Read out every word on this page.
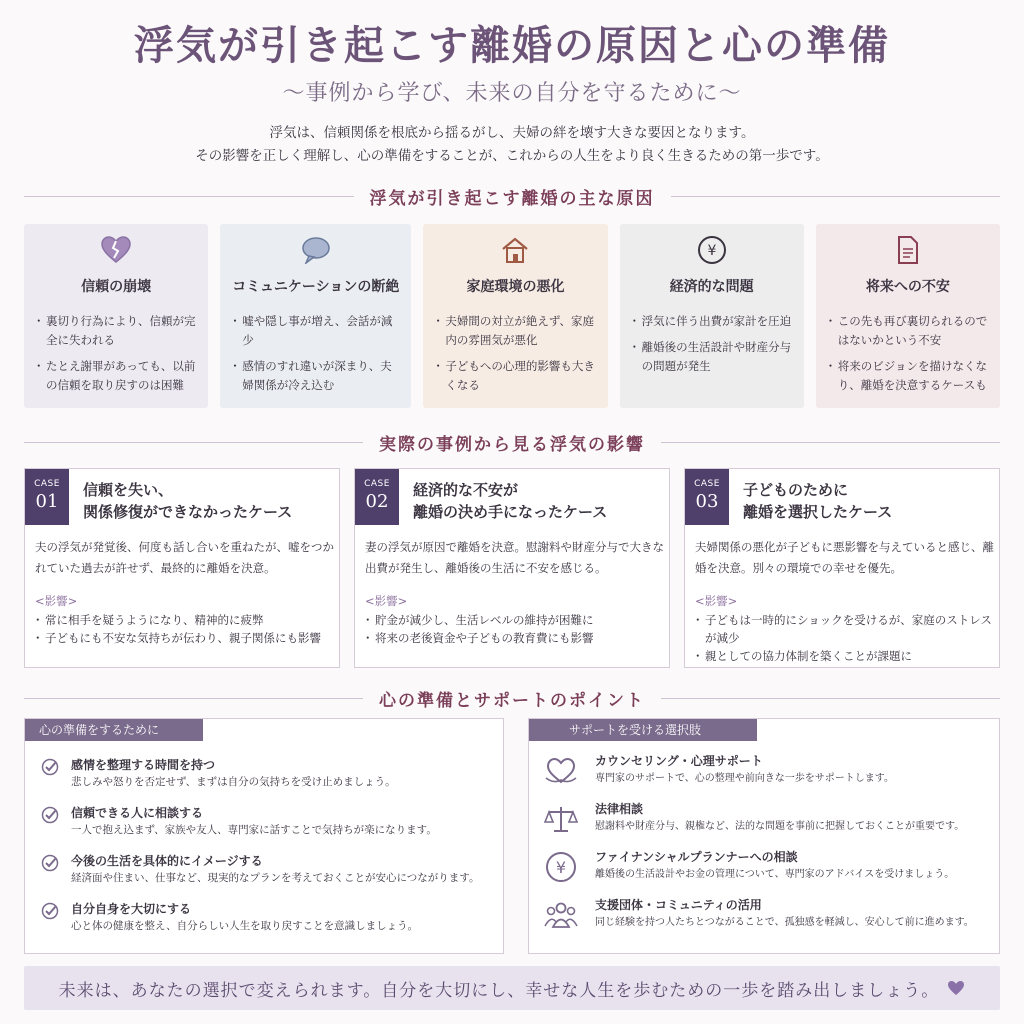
浮気が引き起こす離婚の原因と心の準備
〜事例から学び、未来の自分を守るために〜
浮気は、信頼関係を根底から揺るがし、夫婦の絆を壊す大きな要因となります。
その影響を正しく理解し、心の準備をすることが、これからの人生をより良く生きるための第一歩です。
浮気が引き起こす離婚の主な原因
信頼の崩壊
・ 裏切り行為により、信頼が完全に失われる
・ たとえ謝罪があっても、以前の信頼を取り戻すのは困難
コミュニケーションの断絶
・ 嘘や隠し事が増え、会話が減少
・ 感情のすれ違いが深まり、夫婦関係が冷え込む
家庭環境の悪化
・ 夫婦間の対立が絶えず、家庭内の雰囲気が悪化
・ 子どもへの心理的影響も大きくなる
¥
経済的な問題
・ 浮気に伴う出費が家計を圧迫
・ 離婚後の生活設計や財産分与の問題が発生
将来への不安
・ この先も再び裏切られるのではないかという不安
・ 将来のビジョンを描けなくなり、離婚を決意するケースも
実際の事例から見る浮気の影響
CASE
01
信頼を失い、
関係修復ができなかったケース
夫の浮気が発覚後、何度も話し合いを重ねたが、嘘をつかれていた過去が許せず、最終的に離婚を決意。
<影響>
・ 常に相手を疑うようになり、精神的に疲弊
・ 子どもにも不安な気持ちが伝わり、親子関係にも影響
CASE
02
経済的な不安が
離婚の決め手になったケース
妻の浮気が原因で離婚を決意。慰謝料や財産分与で大きな出費が発生し、離婚後の生活に不安を感じる。
<影響>
・ 貯金が減少し、生活レベルの維持が困難に
・ 将来の老後資金や子どもの教育費にも影響
CASE
03
子どものために
離婚を選択したケース
夫婦関係の悪化が子どもに悪影響を与えていると感じ、離婚を決意。別々の環境での幸せを優先。
<影響>
・ 子どもは一時的にショックを受けるが、家庭のストレスが減少
・ 親としての協力体制を築くことが課題に
心の準備とサポートのポイント
心の準備をするために
感情を整理する時間を持つ
悲しみや怒りを否定せず、まずは自分の気持ちを受け止めましょう。
信頼できる人に相談する
一人で抱え込まず、家族や友人、専門家に話すことで気持ちが楽になります。
今後の生活を具体的にイメージする
経済面や住まい、仕事など、現実的なプランを考えておくことが安心につながります。
自分自身を大切にする
心と体の健康を整え、自分らしい人生を取り戻すことを意識しましょう。
サポートを受ける選択肢
カウンセリング・心理サポート
専門家のサポートで、心の整理や前向きな一歩をサポートします。
法律相談
慰謝料や財産分与、親権など、法的な問題を事前に把握しておくことが重要です。
¥
ファイナンシャルプランナーへの相談
離婚後の生活設計やお金の管理について、専門家のアドバイスを受けましょう。
支援団体・コミュニティの活用
同じ経験を持つ人たちとつながることで、孤独感を軽減し、安心して前に進めます。
未来は、あなたの選択で変えられます。自分を大切にし、幸せな人生を歩むための一歩を踏み出しましょう。
